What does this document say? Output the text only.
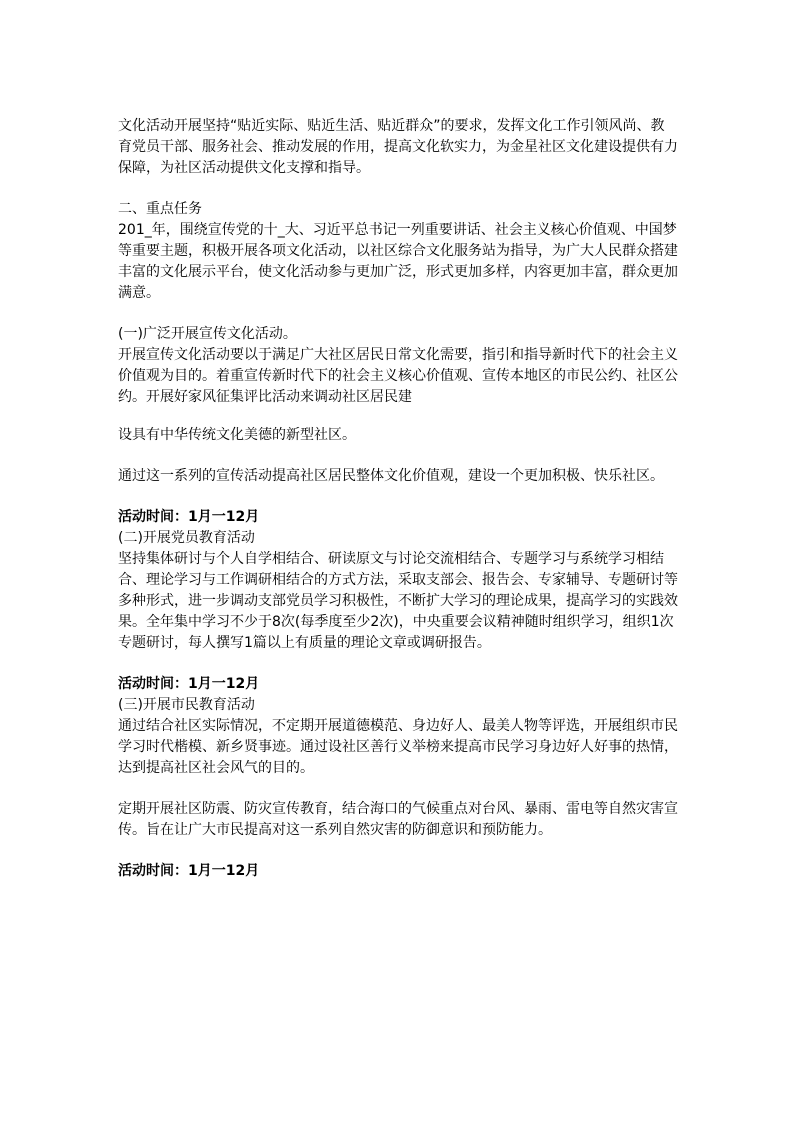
文化活动开展坚持“贴近实际、贴近生活、贴近群众”的要求，发挥文化工作引领风尚、教育党员干部、服务社会、推动发展的作用，提高文化软实力，为金星社区文化建设提供有力保障，为社区活动提供文化支撑和指导。

二、重点任务

201_年，围绕宣传党的十_大、习近平总书记一列重要讲话、社会主义核心价值观、中国梦等重要主题，积极开展各项文化活动，以社区综合文化服务站为指导，为广大人民群众搭建丰富的文化展示平台，使文化活动参与更加广泛，形式更加多样，内容更加丰富，群众更加满意。

(一)广泛开展宣传文化活动。

开展宣传文化活动要以于满足广大社区居民日常文化需要，指引和指导新时代下的社会主义价值观为目的。着重宣传新时代下的社会主义核心价值观、宣传本地区的市民公约、社区公约。开展好家风征集评比活动来调动社区居民建

设具有中华传统文化美德的新型社区。

通过这一系列的宣传活动提高社区居民整体文化价值观，建设一个更加积极、快乐社区。

活动时间：1月一12月

(二)开展党员教育活动

坚持集体研讨与个人自学相结合、研读原文与讨论交流相结合、专题学习与系统学习相结合、理论学习与工作调研相结合的方式方法，采取支部会、报告会、专家辅导、专题研讨等多种形式，进一步调动支部党员学习积极性，不断扩大学习的理论成果，提高学习的实践效果。全年集中学习不少于8次(每季度至少2次)，中央重要会议精神随时组织学习，组织1次专题研讨，每人撰写1篇以上有质量的理论文章或调研报告。

活动时间：1月一12月

(三)开展市民教育活动

通过结合社区实际情况，不定期开展道德模范、身边好人、最美人物等评选，开展组织市民学习时代楷模、新乡贤事迹。通过设社区善行义举榜来提高市民学习身边好人好事的热情，达到提高社区社会风气的目的。

定期开展社区防震、防灾宣传教育，结合海口的气候重点对台风、暴雨、雷电等自然灾害宣传。旨在让广大市民提高对这一系列自然灾害的防御意识和预防能力。

活动时间：1月一12月
